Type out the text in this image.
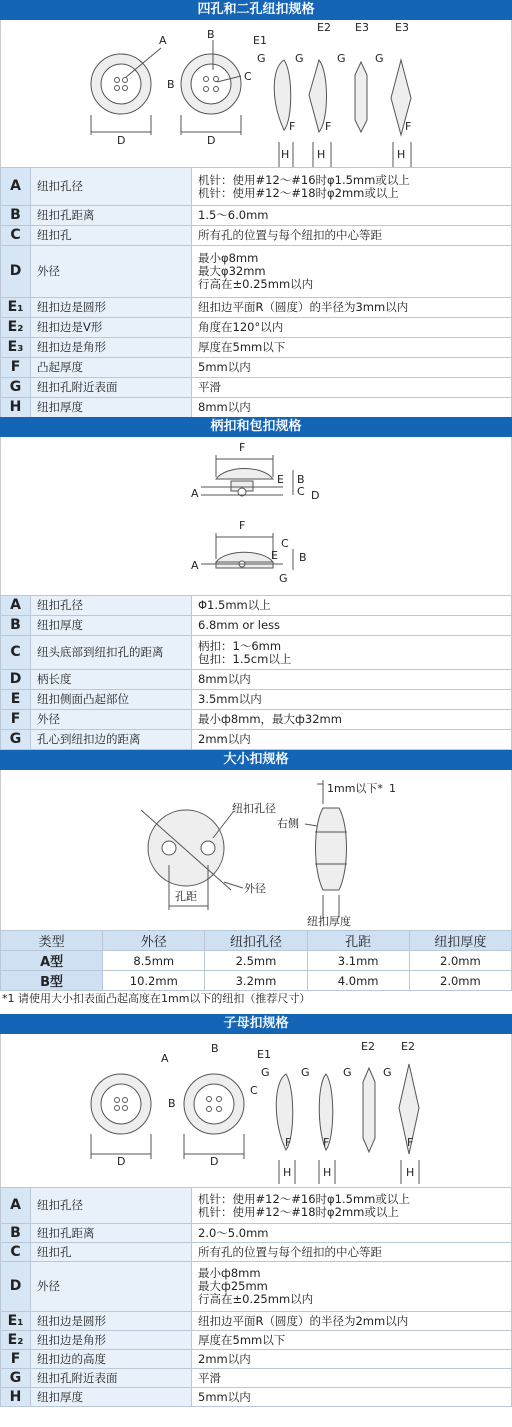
四孔和二孔纽扣规格
A	B
C
D	D
B
E1
E2 E3 E3
G	G	G	G
F	F	F
H	H	H
A	纽扣孔径	机针：使用#12～#16时φ1.5mm或以上
机针：使用#12～#18时φ2mm或以上

B	纽扣孔距离	1.5～6.0mm
C	纽扣孔	所有孔的位置与每个纽扣的中心等距
D	外径	最小φ8mm
最大φ32mm
行高在±0.25mm以内

E₁	纽扣边是圆形	纽扣边平面R（圆度）的半径为3mm以内
E₂	纽扣边是V形	角度在120°以内
E₃	纽扣边是角形	厚度在5mm以下
F	凸起厚度	5mm以内
G	纽扣孔附近表面	平滑
H	纽扣厚度	8mm以内
柄扣和包扣规格
F
E B
C D
A
F
C
E B
A
G
A	纽扣孔径	Φ1.5mm以上
B	纽扣厚度	6.8mm or less
C	纽头底部到纽扣孔的距离	柄扣：1～6mm
包扣：1.5cm以上

D	柄长度	8mm以内
E	纽扣侧面凸起部位	3.5mm以内
F	外径	最小ф8mm，最大ф32mm
G	孔心到纽扣边的距离	2mm以内
大小扣规格
纽扣孔径
孔距
外径
右侧
纽扣厚度
1mm以下* 1
类型	外径	纽扣孔径	孔距	纽扣厚度
A型	8.5mm	2.5mm	3.1mm	2.0mm
B型	10.2mm	3.2mm	4.0mm	2.0mm
*1 请使用大小扣表面凸起高度在1mm以下的纽扣（推荐尺寸）
子母扣规格
A
B
C
D	D
B
E1
E2 E2
G	G	G	G
F	F	F
H	H	H
A	纽扣孔径	机针：使用#12～#16时φ1.5mm或以上
机针：使用#12～#18时φ2mm或以上

B	纽扣孔距离	2.0～5.0mm
C	纽扣孔	所有孔的位置与每个纽扣的中心等距
D	外径	最小ф8mm
最大ф25mm
行高在±0.25mm以内

E₁	纽扣边是圆形	纽扣边平面R（圆度）的半径为2mm以内
E₂	纽扣边是角形	厚度在5mm以下
F	纽扣边的高度	2mm以内
G	纽扣孔附近表面	平滑
H	纽扣厚度	5mm以内
